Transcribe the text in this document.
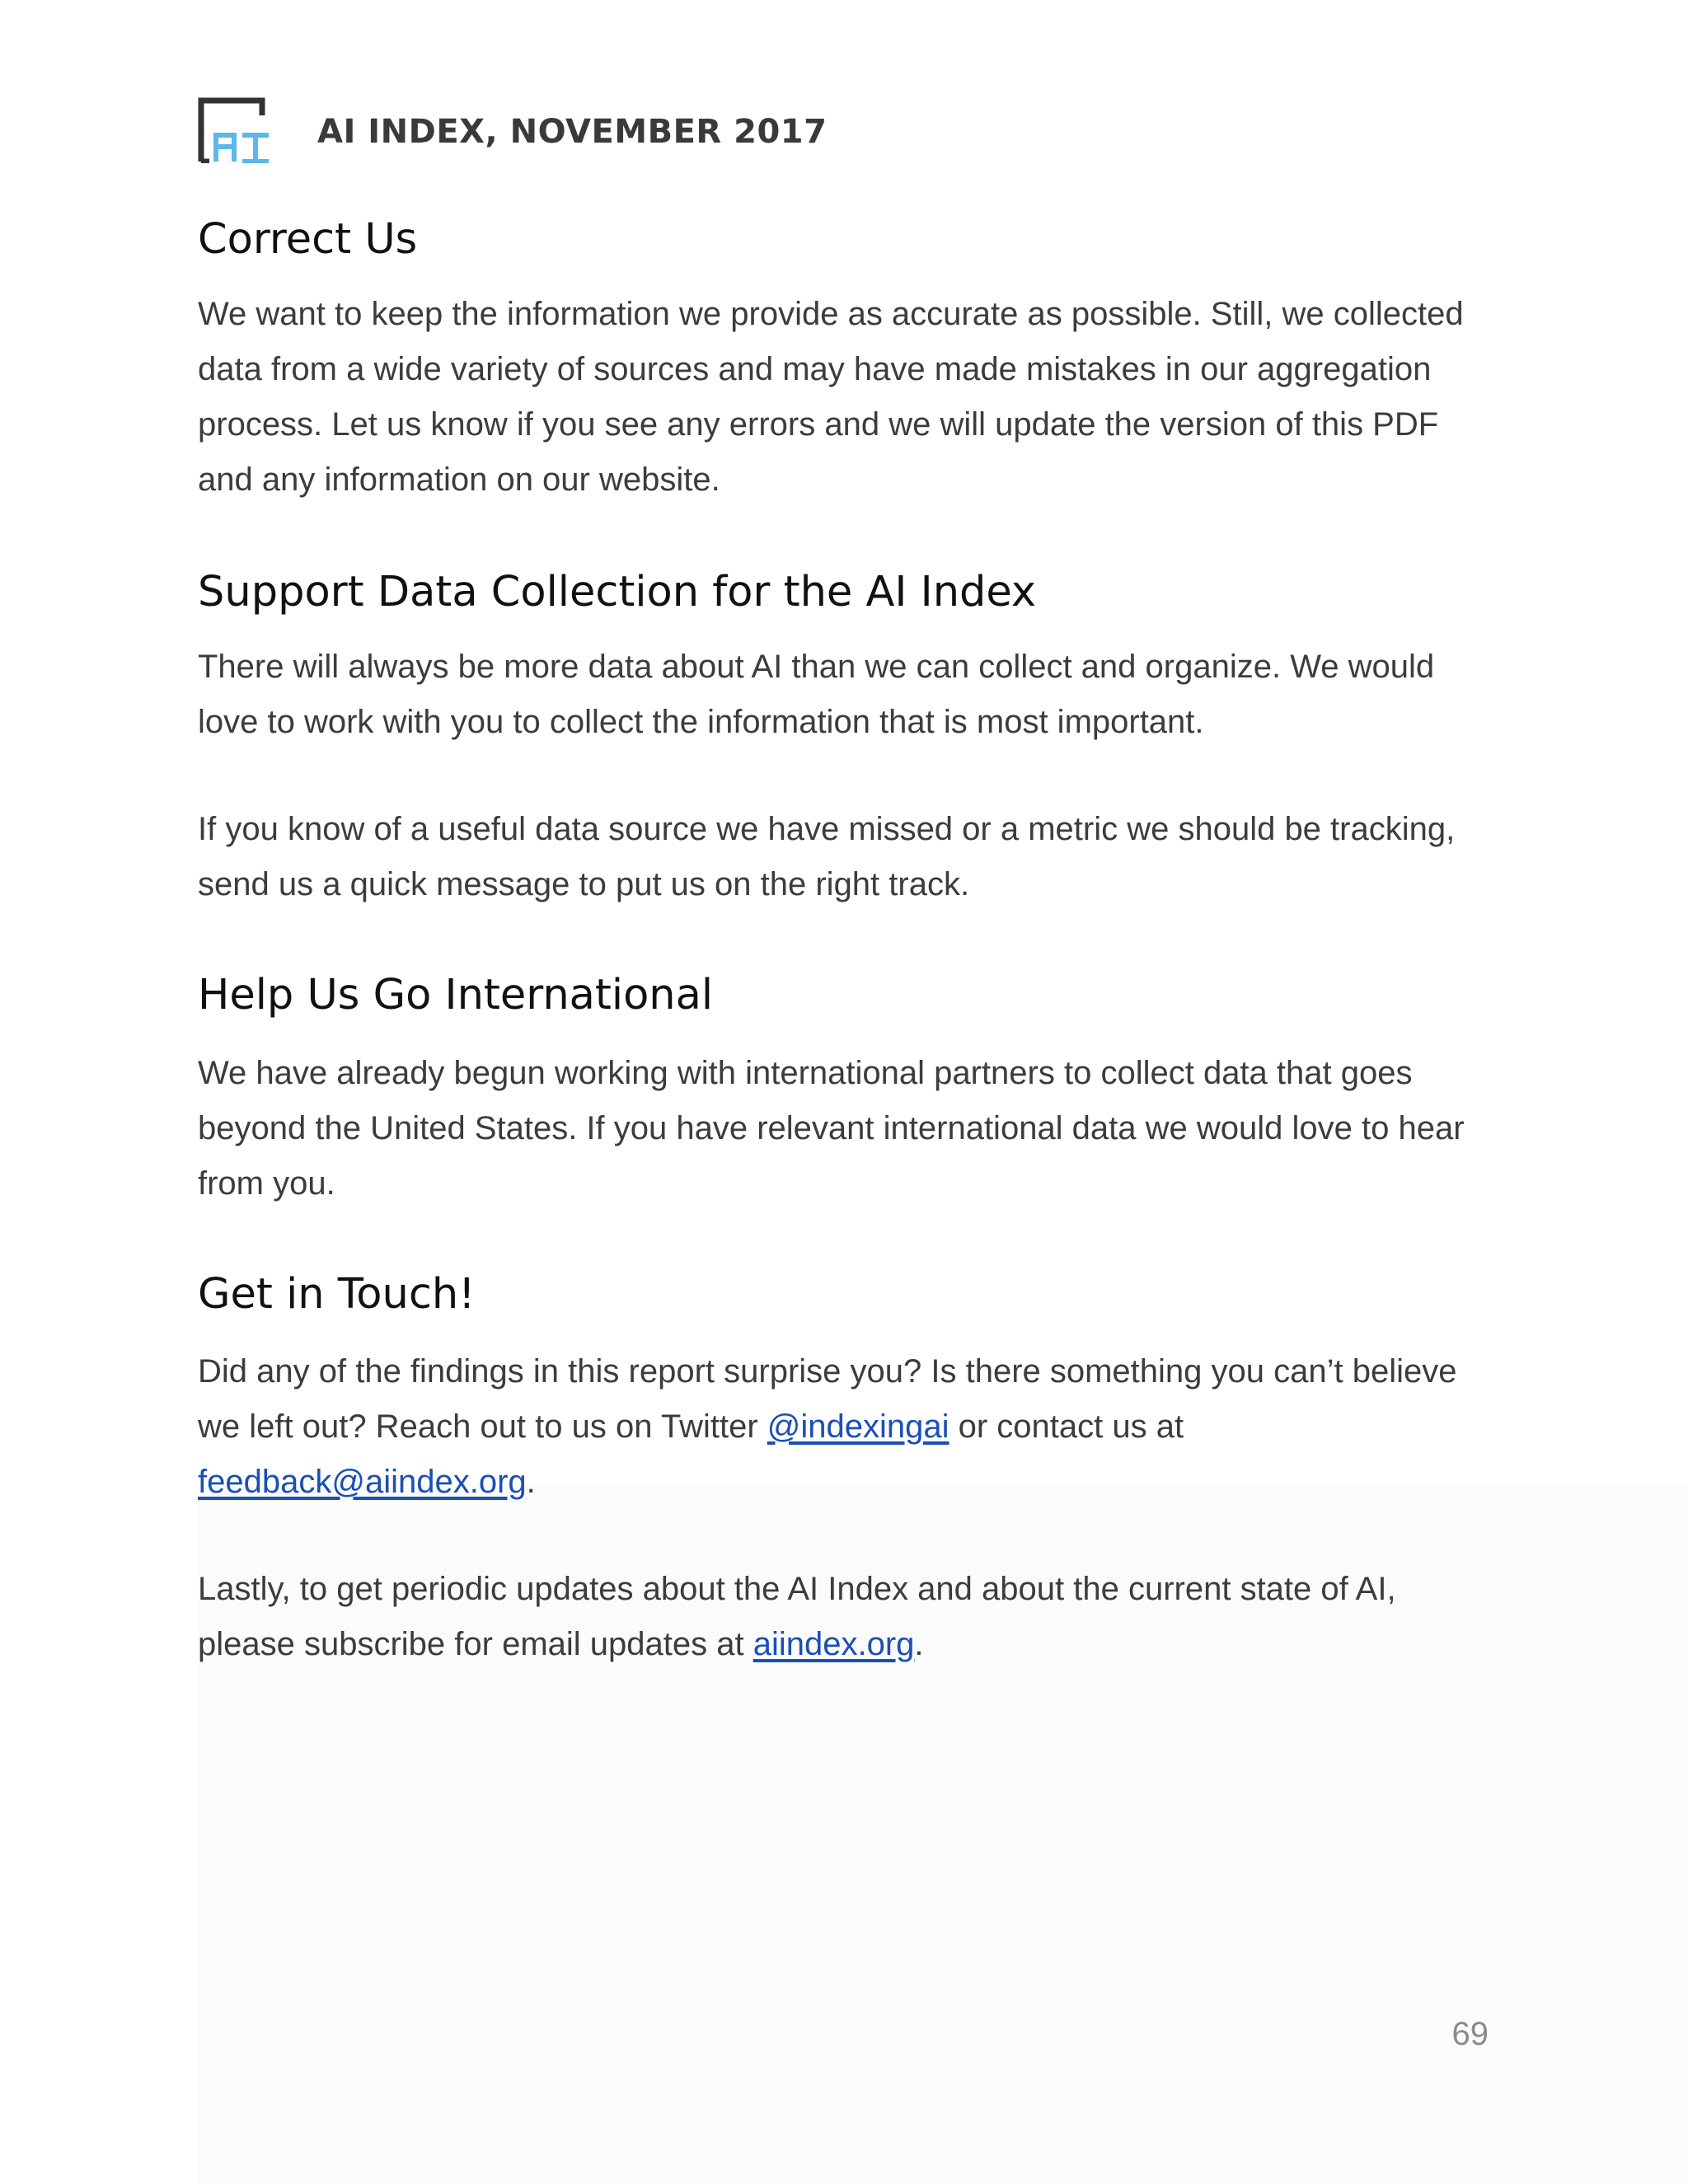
AI INDEX, NOVEMBER 2017
Correct Us

We want to keep the information we provide as accurate as possible. Still, we collected data from a wide variety of sources and may have made mistakes in our aggregation process. Let us know if you see any errors and we will update the version of this PDF and any information on our website.

Support Data Collection for the AI Index

There will always be more data about AI than we can collect and organize. We would love to work with you to collect the information that is most important.

If you know of a useful data source we have missed or a metric we should be tracking, send us a quick message to put us on the right track.

Help Us Go International

We have already begun working with international partners to collect data that goes beyond the United States. If you have relevant international data we would love to hear from you.

Get in Touch!

Did any of the findings in this report surprise you? Is there something you can’t believe we left out? Reach out to us on Twitter @indexingai or contact us at
feedback@aiindex.org.

Lastly, to get periodic updates about the AI Index and about the current state of AI, please subscribe for email updates at aiindex.org.

69
